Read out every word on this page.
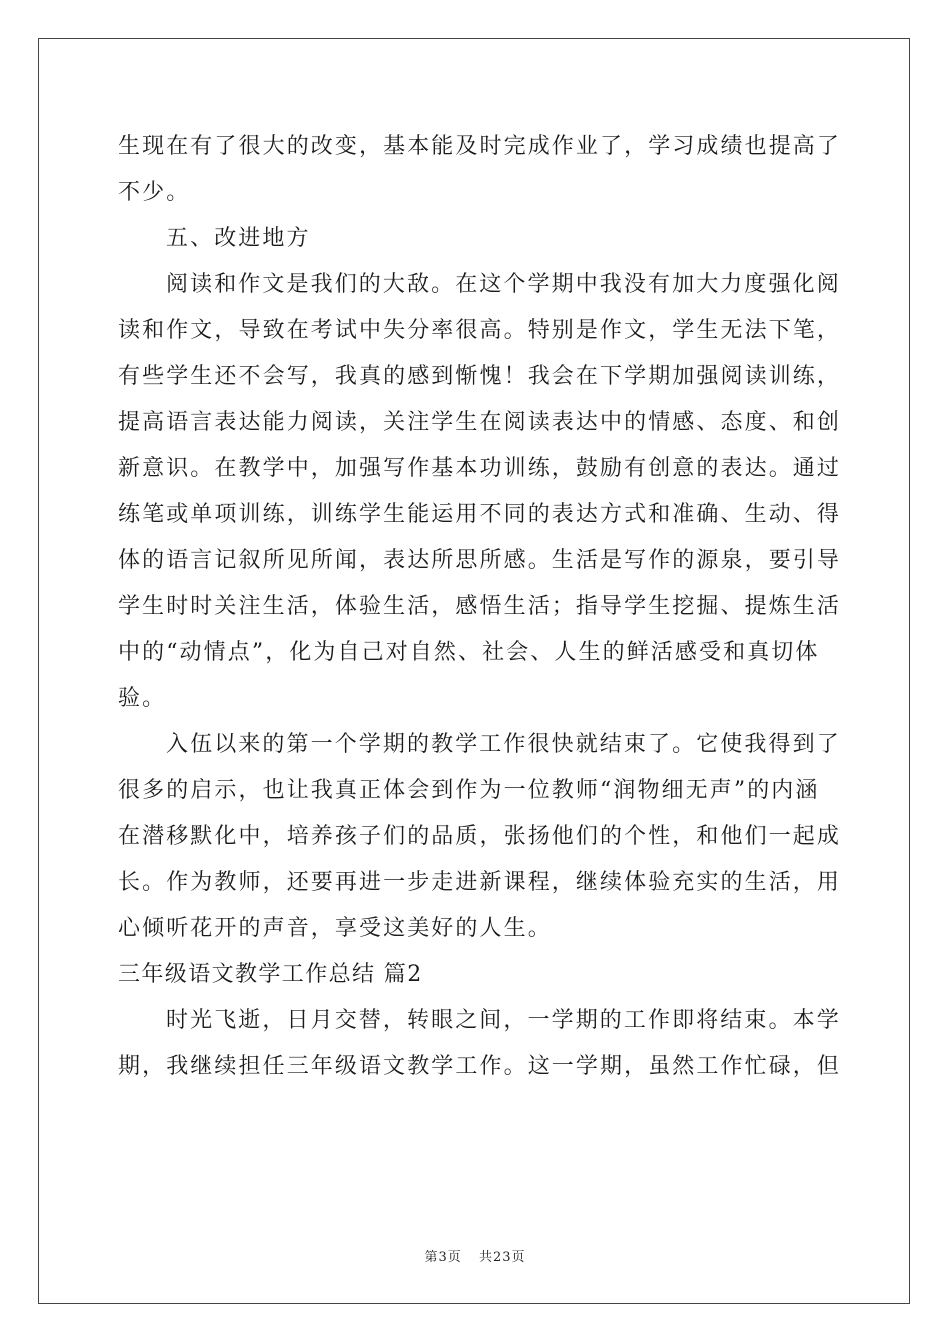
生现在有了很大的改变，基本能及时完成作业了，学习成绩也提高了
不少。
五、改进地方
阅读和作文是我们的大敌。在这个学期中我没有加大力度强化阅
读和作文，导致在考试中失分率很高。特别是作文，学生无法下笔，
有些学生还不会写，我真的感到惭愧！我会在下学期加强阅读训练，
提高语言表达能力阅读，关注学生在阅读表达中的情感、态度、和创
新意识。在教学中，加强写作基本功训练，鼓励有创意的表达。通过
练笔或单项训练，训练学生能运用不同的表达方式和准确、生动、得
体的语言记叙所见所闻，表达所思所感。生活是写作的源泉，要引导
学生时时关注生活，体验生活，感悟生活；指导学生挖掘、提炼生活
中的“动情点”，化为自己对自然、社会、人生的鲜活感受和真切体
验。
入伍以来的第一个学期的教学工作很快就结束了。它使我得到了
很多的启示，也让我真正体会到作为一位教师“润物细无声”的内涵
在潜移默化中，培养孩子们的品质，张扬他们的个性，和他们一起成
长。作为教师，还要再进一步走进新课程，继续体验充实的生活，用
心倾听花开的声音，享受这美好的人生。
三年级语文教学工作总结 篇2
时光飞逝，日月交替，转眼之间，一学期的工作即将结束。本学
期，我继续担任三年级语文教学工作。这一学期，虽然工作忙碌，但
第3页 共23页
